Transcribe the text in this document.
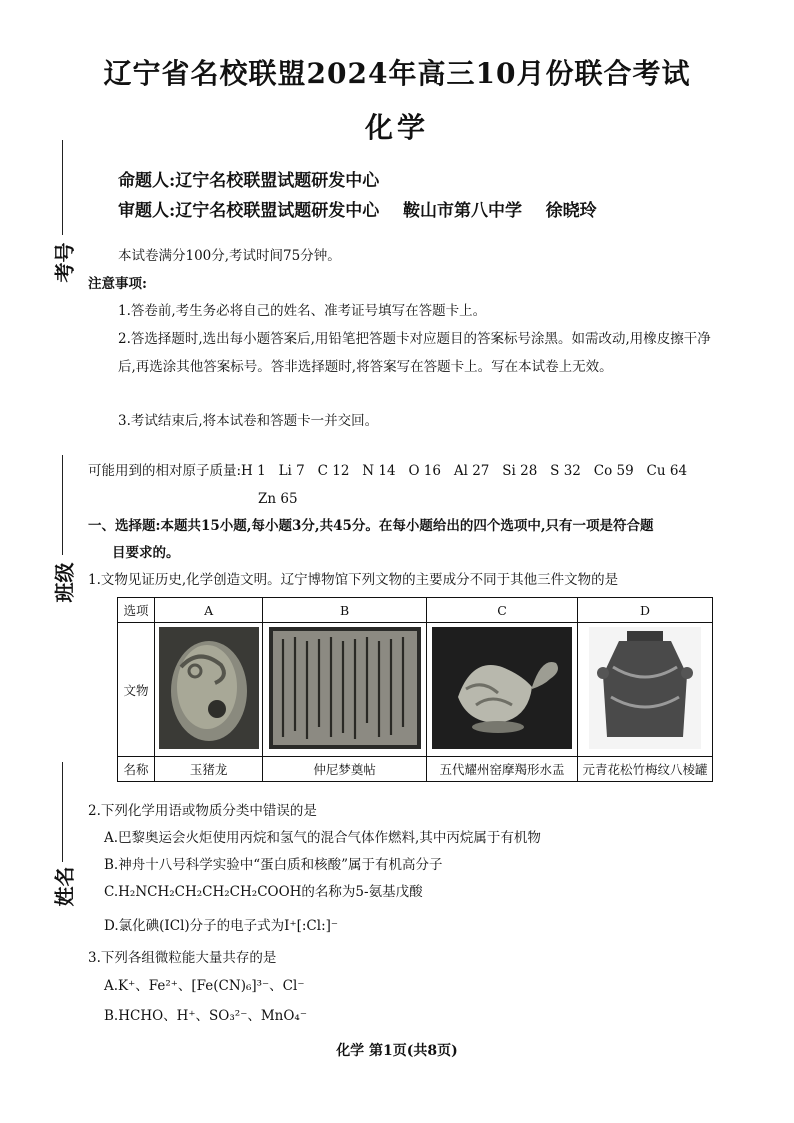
辽宁省名校联盟2024年高三10月份联合考试
化学
命题人:辽宁名校联盟试题研发中心
审题人:辽宁名校联盟试题研发中心    鞍山市第八中学    徐晓玲
考号
班级
姓名
本试卷满分100分,考试时间75分钟。
注意事项:
1.答卷前,考生务必将自己的姓名、准考证号填写在答题卡上。
2.答选择题时,选出每小题答案后,用铅笔把答题卡对应题目的答案标号涂黑。如需改动,用橡皮擦干净后,再选涂其他答案标号。答非选择题时,将答案写在答题卡上。写在本试卷上无效。
3.考试结束后,将本试卷和答题卡一并交回。
可能用到的相对原子质量:H 1   Li 7   C 12   N 14   O 16   Al 27   Si 28   S 32   Co 59   Cu 64
Zn 65
一、选择题:本题共15小题,每小题3分,共45分。在每小题给出的四个选项中,只有一项是符合题
目要求的。
1.文物见证历史,化学创造文明。辽宁博物馆下列文物的主要成分不同于其他三件文物的是
选项	A	B	C	D
文物				
名称	玉猪龙	仲尼梦奠帖	五代耀州窑摩羯形水盂	元青花松竹梅纹八棱罐
2.下列化学用语或物质分类中错误的是
A.巴黎奥运会火炬使用丙烷和氢气的混合气体作燃料,其中丙烷属于有机物
B.神舟十八号科学实验中“蛋白质和核酸”属于有机高分子
C.H₂NCH₂CH₂CH₂CH₂COOH的名称为5-氨基戊酸
D.氯化碘(ICl)分子的电子式为I⁺[:Cl:]⁻
3.下列各组微粒能大量共存的是
A.K⁺、Fe²⁺、[Fe(CN)₆]³⁻、Cl⁻
B.HCHO、H⁺、SO₃²⁻、MnO₄⁻
化学 第1页(共8页)
